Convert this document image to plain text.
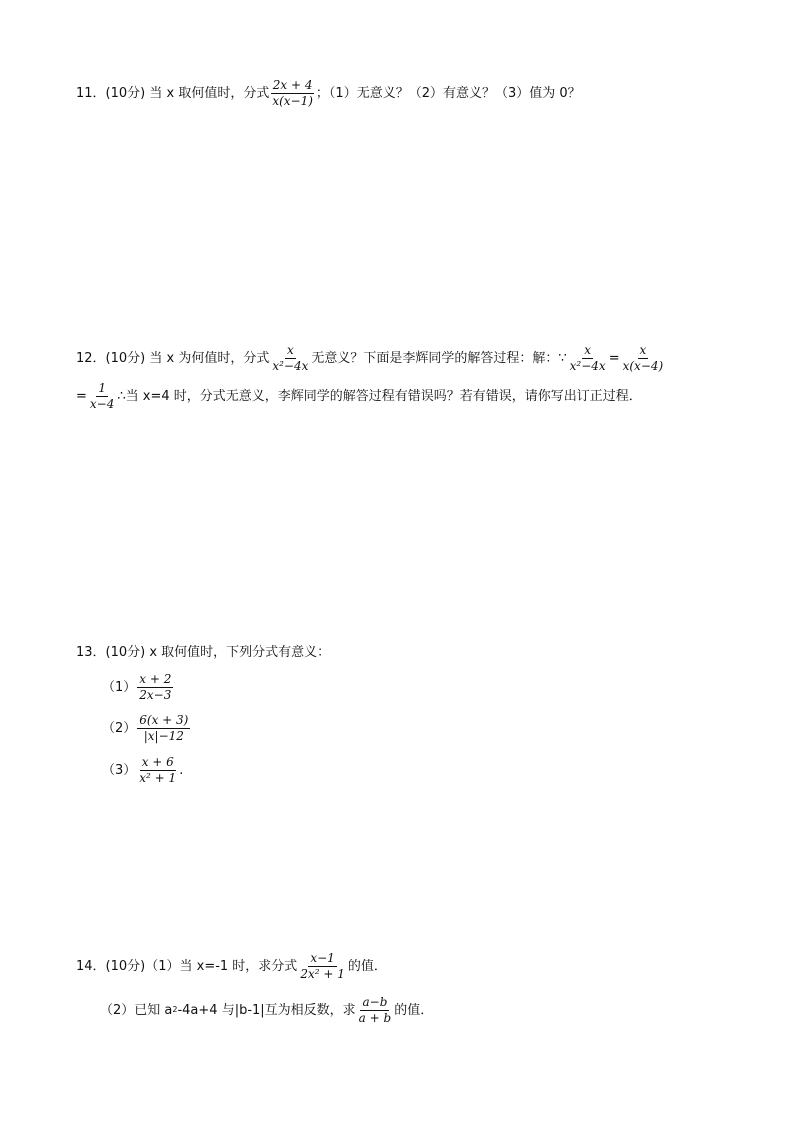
11．(10分) 当 x 取何值时，分式 $\frac{2x + 4}{x(x-1)}$ ；（1）无意义？（2）有意义？（3）值为 0？
12．(10分) 当 x 为何值时，分式 $\frac{x}{\text{x²−4x}}$ 无意义？下面是李辉同学的解答过程：解：∵ $\frac{x}{\text{x²−4x}} = \frac{x}{x(x-4)}$
= $\frac{1}{x-4}$ ∴当 x=4 时，分式无意义，李辉同学的解答过程有错误吗？若有错误，请你写出订正过程．
13．(10分) x 取何值时，下列分式有意义：
$(1) \frac{x + 2}{2x-3}$
$(2) \frac{6(x + 3)}{|x|-12}$
$(3) \frac{x + 6}{\text{x² + 1}}$ .
14．(10分)（1）当 x=-1 时，求分式 $\frac{x-1}{\text{2x² + 1}}$ 的值．
（2）已知 a 2 -4a+4 与|b-1|互为相反数，求 $\frac{a-b}{a + b}$ 的值．
